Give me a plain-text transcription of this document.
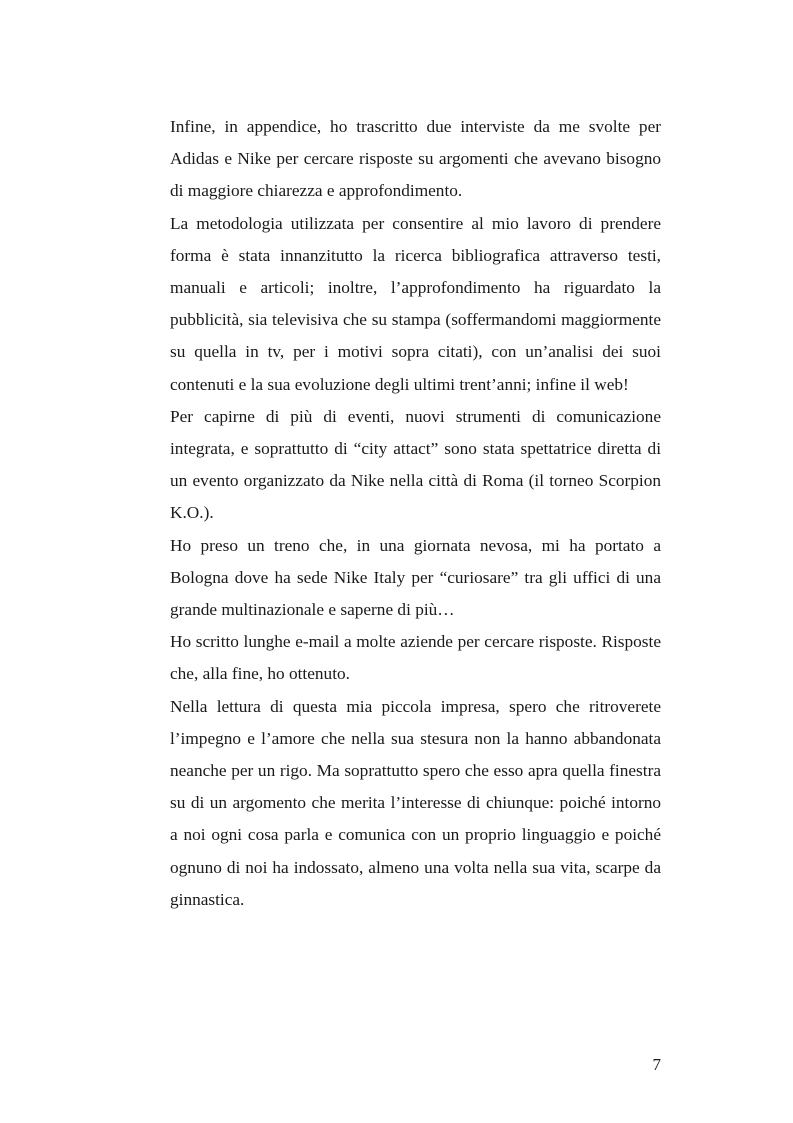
Infine, in appendice, ho trascritto due interviste da me svolte per Adidas e Nike per cercare risposte su argomenti che avevano bisogno di maggiore chiarezza e approfondimento.

La metodologia utilizzata per consentire al mio lavoro di prendere forma è stata innanzitutto la ricerca bibliografica attraverso testi, manuali e articoli; inoltre, l’approfondimento ha riguardato la pubblicità, sia televisiva che su stampa (soffermandomi maggiormente su quella in tv, per i motivi sopra citati), con un’analisi dei suoi contenuti e la sua evoluzione degli ultimi trent’anni; infine il web!

Per capirne di più di eventi, nuovi strumenti di comunicazione integrata, e soprattutto di “city attact” sono stata spettatrice diretta di un evento organizzato da Nike nella città di Roma (il torneo Scorpion K.O.).

Ho preso un treno che, in una giornata nevosa, mi ha portato a Bologna dove ha sede Nike Italy per “curiosare” tra gli uffici di una grande multinazionale e saperne di più…

Ho scritto lunghe e-mail a molte aziende per cercare risposte. Risposte che, alla fine, ho ottenuto.

Nella lettura di questa mia piccola impresa, spero che ritroverete l’impegno e l’amore che nella sua stesura non la hanno abbandonata neanche per un rigo. Ma soprattutto spero che esso apra quella finestra su di un argomento che merita l’interesse di chiunque: poiché intorno a noi ogni cosa parla e comunica con un proprio linguaggio e poiché ognuno di noi ha indossato, almeno una volta nella sua vita, scarpe da ginnastica.

7
